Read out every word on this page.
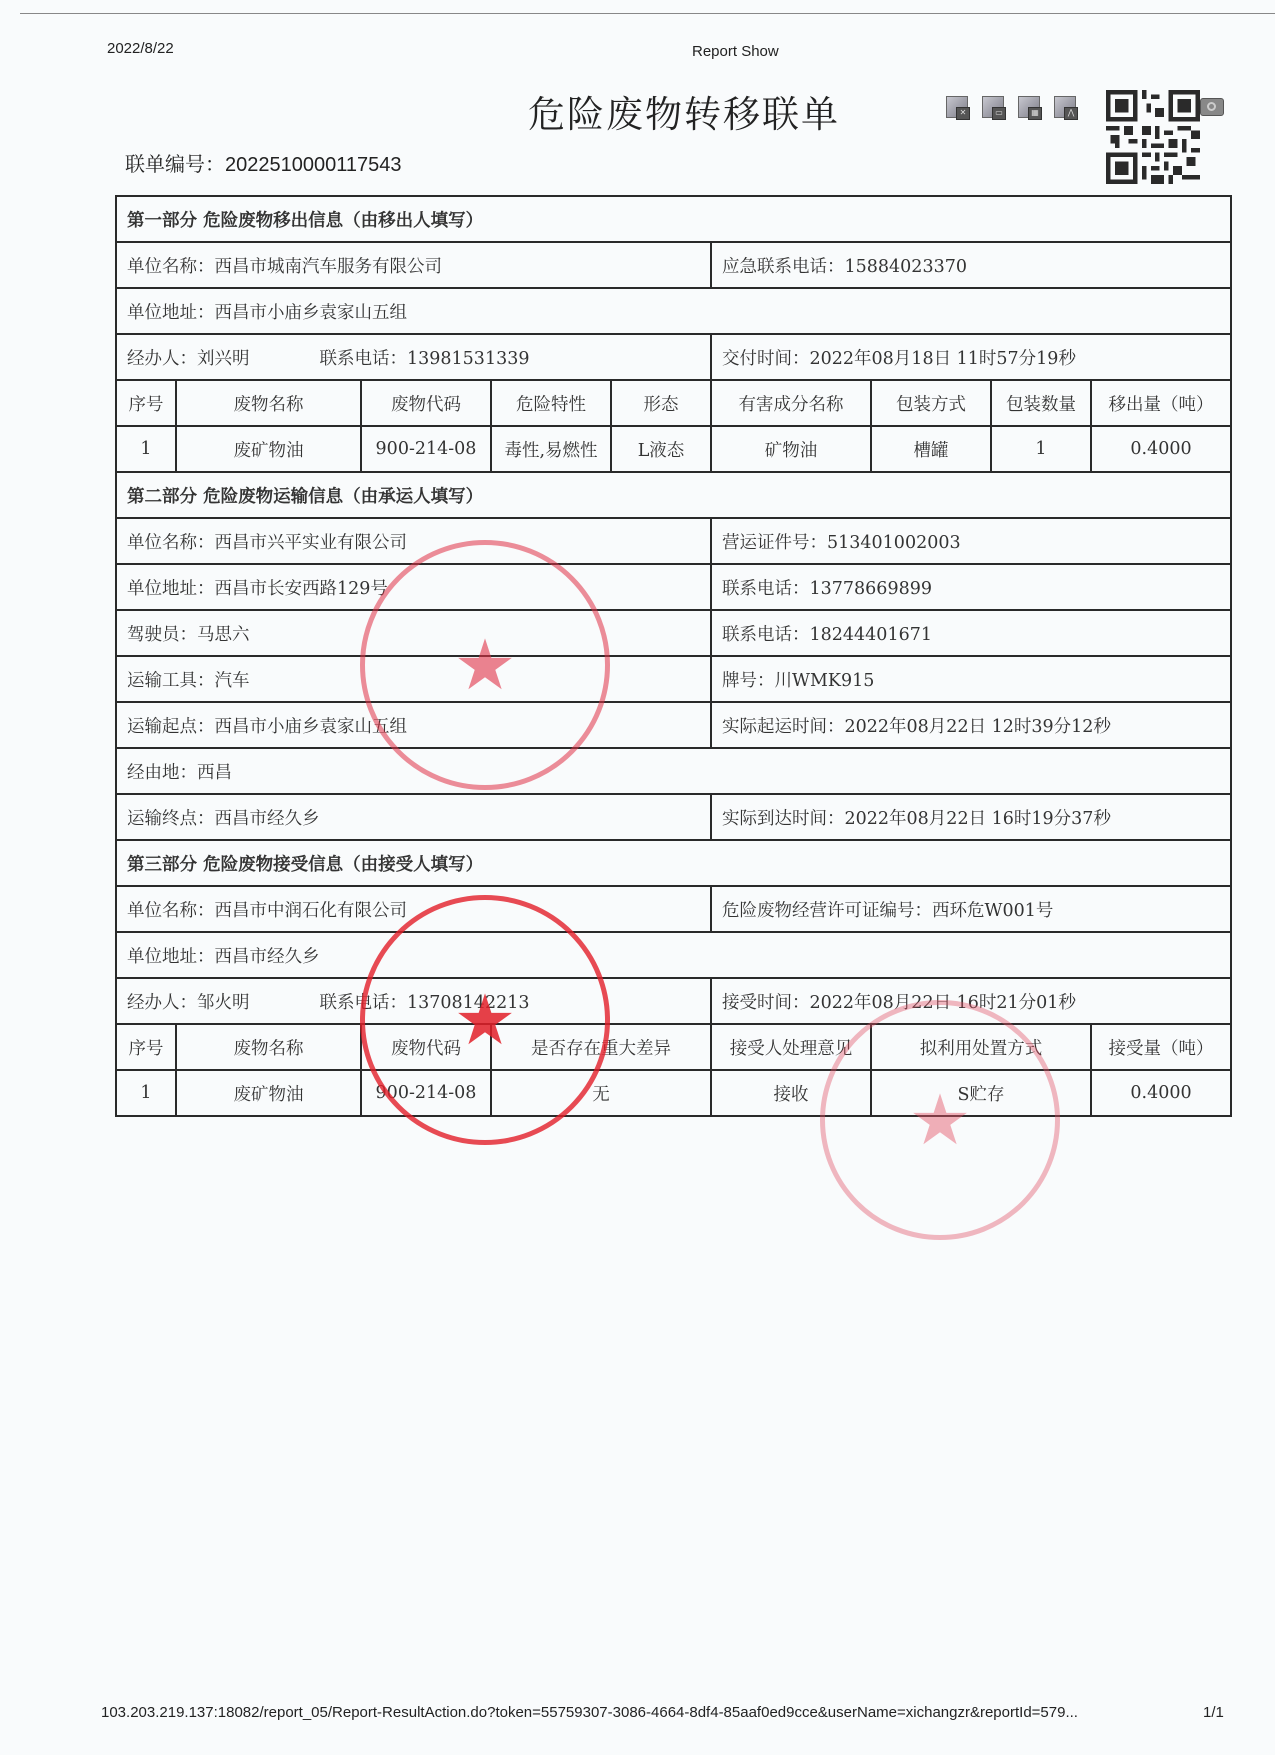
2022/8/22	Report Show
危险废物转移联单
联单编号：2022510000117543
✕	▭	▦	⋀
第一部分 危险废物移出信息（由移出人填写）								
单位名称：西昌市城南汽车服务有限公司					应急联系电话：15884023370			
单位地址：西昌市小庙乡袁家山五组								
经办人：刘兴明 联系电话：13981531339					交付时间：2022年08月18日 11时57分19秒			
序号	废物名称	废物代码	危险特性	形态	有害成分名称	包装方式	包装数量	移出量（吨）
1	废矿物油	900-214-08	毒性,易燃性	L液态	矿物油	槽罐	1	0.4000
第二部分 危险废物运输信息（由承运人填写）								
单位名称：西昌市兴平实业有限公司					营运证件号：513401002003			
单位地址：西昌市长安西路129号					联系电话：13778669899			
驾驶员：马思六					联系电话：18244401671			
运输工具：汽车					牌号：川WMK915			
运输起点：西昌市小庙乡袁家山五组					实际起运时间：2022年08月22日 12时39分12秒			
经由地：西昌								
运输终点：西昌市经久乡					实际到达时间：2022年08月22日 16时19分37秒			
第三部分 危险废物接受信息（由接受人填写）								
单位名称：西昌市中润石化有限公司					危险废物经营许可证编号：西环危W001号			
单位地址：西昌市经久乡								
经办人：邹火明 联系电话：13708142213					接受时间：2022年08月22日 16时21分01秒			
序号	废物名称	废物代码	是否存在重大差异		接受人处理意见	拟利用处置方式		接受量（吨）
1	废矿物油	900-214-08	无		接收	S贮存		0.4000
★
★
★
103.203.219.137:18082/report_05/Report-ResultAction.do?token=55759307-3086-4664-8df4-85aaf0ed9cce&userName=xichangzr&reportId=579...	1/1
